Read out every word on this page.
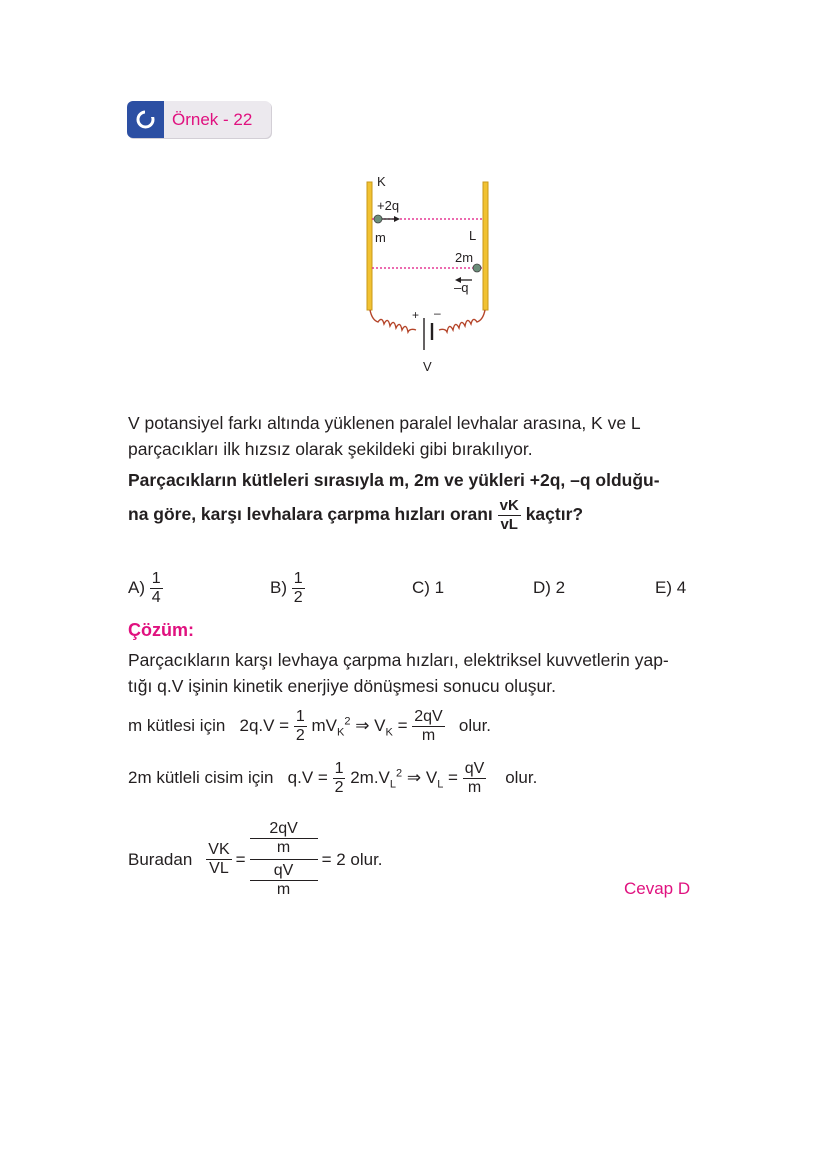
Örnek - 22
K
+2q
m	L
2m
–q
+ –
V
V potansiyel farkı altında yüklenen paralel levhalar arasına, K ve L
parçacıkları ilk hızsız olarak şekildeki gibi bırakılıyor.
Parçacıkların kütleleri sırasıyla m, 2m ve yükleri +2q, –q olduğu-
na göre, karşı levhalara çarpma hızları oranı $\frac{vK}{vL}$ kaçtır?
$A) \frac{1}{4}$	$B) \frac{1}{2}$	C) 1	D) 2	E) 4
Çözüm:
Parçacıkların karşı levhaya çarpma hızları, elektriksel kuvvetlerin yap-
tığı q.V işinin kinetik enerjiye dönüşmesi sonucu oluşur.
m kütlesi için $2q.V = \frac{1}{2} mV_K^2$ ⇒ $V_K = \frac{2qV}{m}$ olur.
2m kütleli cisim için $q.V = \frac{1}{2} 2m.V_L^2$ ⇒ $V_L = \frac{qV}{m}$ olur.
Buradan $\frac{VK}{VL}$ =
2qV
m
qV
m
= 2 olur.
Cevap D
